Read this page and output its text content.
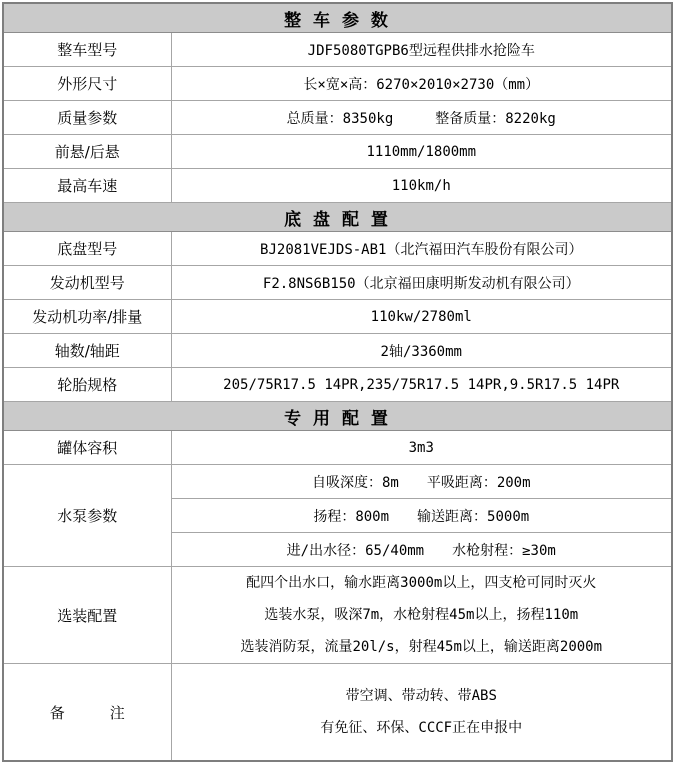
整 车 参 数	
整车型号	JDF5080TGPB6型远程供排水抢险车
外形尺寸	长×宽×高：6270×2010×2730（mm）
质量参数	总质量：8350kg　　　整备质量：8220kg
前悬/后悬	1110mm/1800mm
最高车速	110km/h
底 盘 配 置	
底盘型号	BJ2081VEJDS-AB1（北汽福田汽车股份有限公司）
发动机型号	F2.8NS6B150（北京福田康明斯发动机有限公司）
发动机功率/排量	110kw/2780ml
轴数/轴距	2轴/3360mm
轮胎规格	205/75R17.5 14PR,235/75R17.5 14PR,9.5R17.5 14PR
专 用 配 置	
罐体容积	3m3
水泵参数	自吸深度：8m　　平吸距离：200m
	扬程：800m　　输送距离：5000m
	进/出水径：65/40mm　　水枪射程：≥30m
选装配置	配四个出水口，输水距离3000m以上，四支枪可同时灭火
选装水泵，吸深7m，水枪射程45m以上，扬程110m
选装消防泵，流量20l/s，射程45m以上，输送距离2000m

备　　　注	带空调、带动转、带ABS
有免征、环保、CCCF正在申报中
